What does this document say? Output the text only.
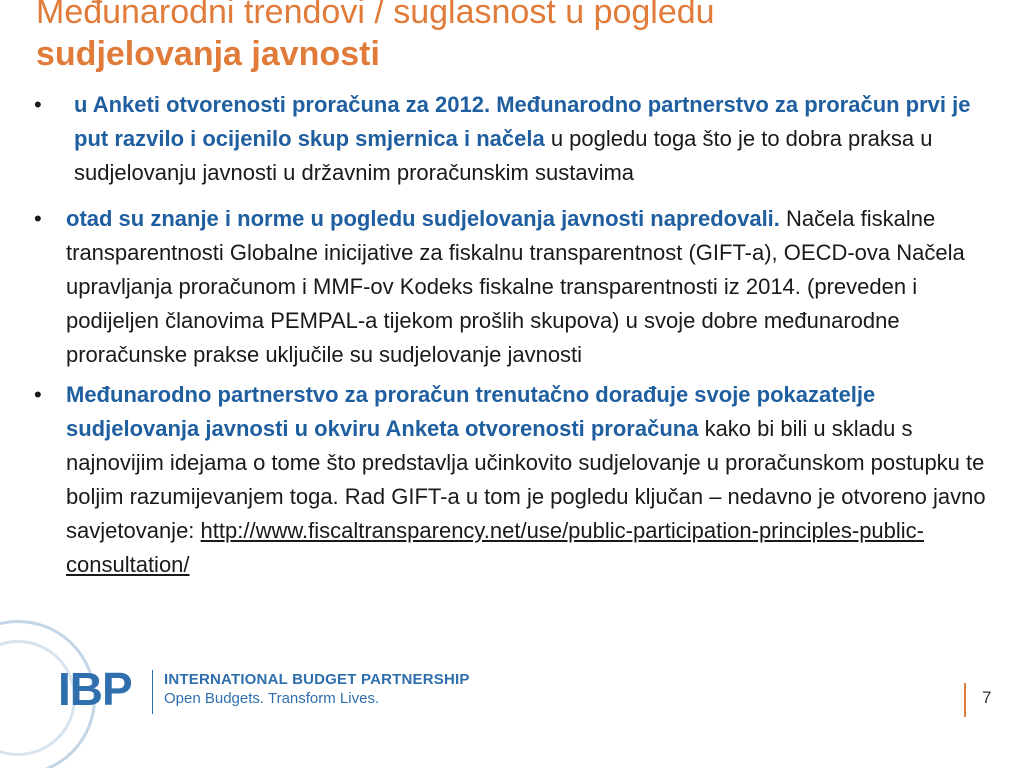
Međunarodni trendovi / suglasnost u pogledu
sudjelovanja javnosti
•	u Anketi otvorenosti proračuna za 2012. Međunarodno partnerstvo za proračun prvi je put razvilo i ocijenilo skup smjernica i načela u pogledu toga što je to dobra praksa u sudjelovanju javnosti u državnim proračunskim sustavima
•	otad su znanje i norme u pogledu sudjelovanja javnosti napredovali. Načela fiskalne transparentnosti Globalne inicijative za fiskalnu transparentnost (GIFT-a), OECD-ova Načela upravljanja proračunom i MMF-ov Kodeks fiskalne transparentnosti iz 2014. (preveden i podijeljen članovima PEMPAL-a tijekom prošlih skupova) u svoje dobre međunarodne proračunske prakse uključile su sudjelovanje javnosti
•	Međunarodno partnerstvo za proračun trenutačno dorađuje svoje pokazatelje sudjelovanja javnosti u okviru Anketa otvorenosti proračuna kako bi bili u skladu s najnovijim idejama o tome što predstavlja učinkovito sudjelovanje u proračunskom postupku te boljim razumijevanjem toga. Rad GIFT-a u tom je pogledu ključan – nedavno je otvoreno javno savjetovanje: http://www.fiscaltransparency.net/use/public-participation-principles-public-consultation/
IBP INTERNATIONAL BUDGET PARTNERSHIP
Open Budgets. Transform Lives.	7
